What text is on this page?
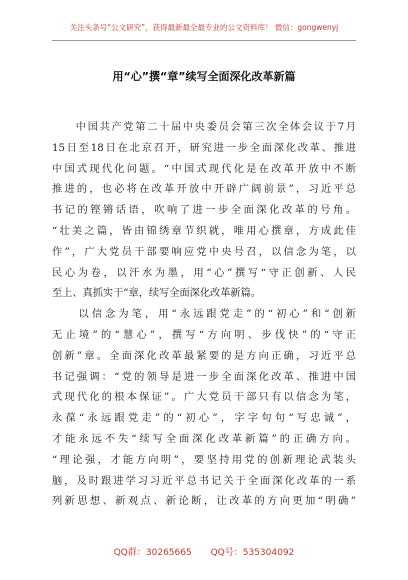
关注头条号“公文研究”，获得最新最全最专业的公文资料库！ 微信：gongwenyj
用“心”撰“章”续写全面深化改革新篇
　　中国共产党第二十届中央委员会第三次全体会议于7月
15日至18日在北京召开，研究进一步全面深化改革、推进
中国式现代化问题。“中国式现代化是在改革开放中不断
推进的，也必将在改革开放中开辟广阔前景”，习近平总
书记的铿锵话语，吹响了进一步全面深化改革的号角。
“壮美之篇，皆由锦绣章节织就，唯用心撰章，方成此佳
作”，广大党员干部要响应党中央号召，以信念为笔，以
民心为卷，以汗水为墨，用“心”撰写“守正创新、人民
至上、真抓实干”章，续写全面深化改革新篇。
　　以信念为笔，用“永远跟党走”的“初心”和“创新
无止境”的“慧心”，撰写“方向明、步伐快”的“守正
创新”章。全面深化改革最紧要的是方向正确，习近平总
书记强调：“党的领导是进一步全面深化改革、推进中国
式现代化的根本保证”。广大党员干部只有以信念为笔，
永葆“永远跟党走”的“初心”，字字句句“写忠诚”，
才能永远不失“续写全面深化改革新篇”的正确方向。
“理论强，才能方向明”，要坚持用党的创新理论武装头
脑，及时跟进学习习近平总书记关于全面深化改革的一系
列新思想、新观点、新论断，让改革的方向更加“明确”
QQ群：30265665 QQ号：535304092
